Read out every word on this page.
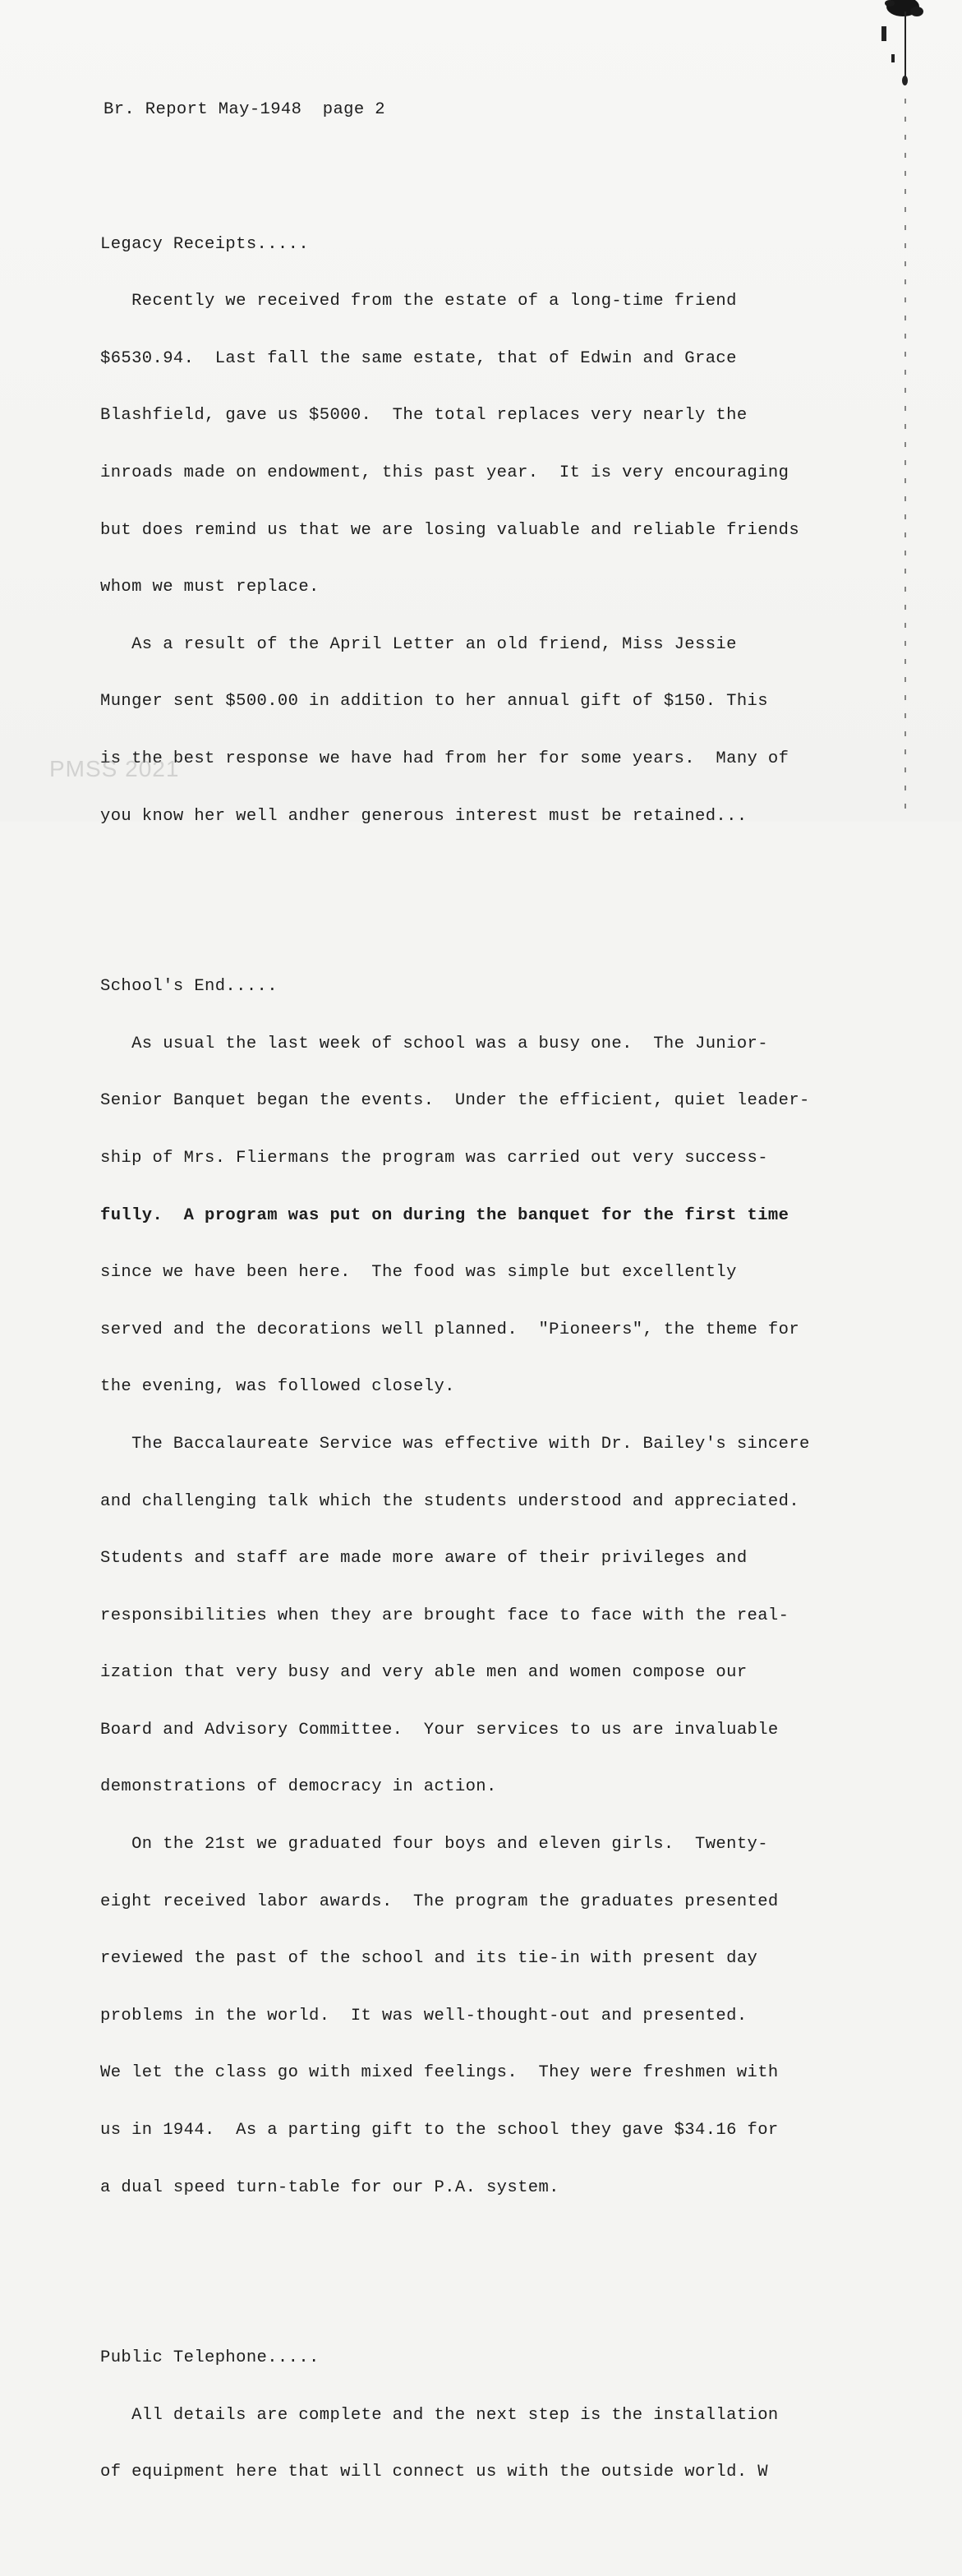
Br. Report May-1948  page 2

Legacy Receipts.....

Recently we received from the estate of a long-time friend

$6530.94.  Last fall the same estate, that of Edwin and Grace

Blashfield, gave us $5000.  The total replaces very nearly the

inroads made on endowment, this past year.  It is very encouraging

but does remind us that we are losing valuable and reliable friends

whom we must replace.

As a result of the April Letter an old friend, Miss Jessie

Munger sent $500.00 in addition to her annual gift of $150. This

is the best response we have had from her for some years.  Many of

you know her well andher generous interest must be retained...

School's End.....

As usual the last week of school was a busy one.  The Junior-

Senior Banquet began the events.  Under the efficient, quiet leader-

ship of Mrs. Fliermans the program was carried out very success-

fully.  A program was put on during the banquet for the first time

since we have been here.  The food was simple but excellently

served and the decorations well planned.  "Pioneers", the theme for

the evening, was followed closely.

The Baccalaureate Service was effective with Dr. Bailey's sincere

and challenging talk which the students understood and appreciated.

Students and staff are made more aware of their privileges and

responsibilities when they are brought face to face with the real-

ization that very busy and very able men and women compose our

Board and Advisory Committee.  Your services to us are invaluable

demonstrations of democracy in action.

On the 21st we graduated four boys and eleven girls.  Twenty-

eight received labor awards.  The program the graduates presented

reviewed the past of the school and its tie-in with present day

problems in the world.  It was well-thought-out and presented.

We let the class go with mixed feelings.  They were freshmen with

us in 1944.  As a parting gift to the school they gave $34.16 for

a dual speed turn-table for our P.A. system.

Public Telephone.....

All details are complete and the next step is the installation

of equipment here that will connect us with the outside world. W

PMSS 2021
